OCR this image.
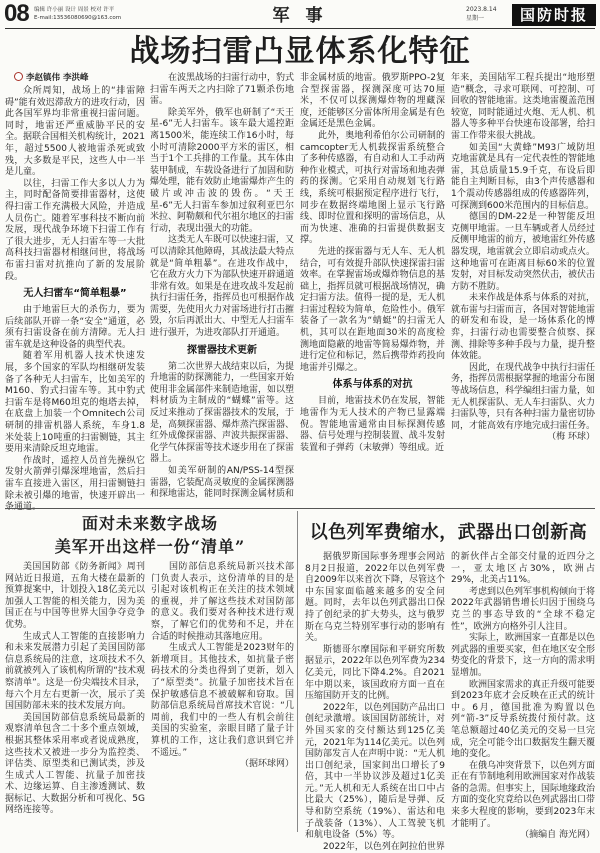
08 编辑 许小丽 设计 周景 校对 许平
E-mail:13536080690@163.com	军 事	2023.8.14
星期一	国防时报
战场扫雷凸显体系化特征
李赵镇伟 李洪峰

众所周知，战场上的“排雷障碍”能有效迟滞敌方的进攻行动，因此各国军界均非常重视扫雷问题。同时，地雷还严重威胁平民的安全。据联合国相关机构统计，2021年，超过5500人被地雷杀死或致残，大多数是平民，这些人中一半是儿童。

以往，扫雷工作大多以人力为主，同时配备简要排雷器材，这使得扫雷工作充满极大风险，并造成人员伤亡。随着军事科技不断向前发展，现代战争环境下扫雷工作有了很大进步，无人扫雷车等一大批高科技扫雷器材相继问世，将战场布雷扫雷对抗推向了新的发展阶段。

无人扫雷车“简单粗暴”

由于地雷巨大的杀伤力，要为后续部队开辟一条“安全”通道，必须有扫雷设备在前方清障。无人扫雷车就是这种设备的典型代表。

随着军用机器人技术快速发展，多个国家的军队均相继研发装备了各种无人扫雷车，比如美军的M160、豹式扫雷车等。其中豹式扫雷车是将M60坦克的炮塔去掉，在底盘上加装一个Omnitech公司研制的排雷机器人系统，车身1.8米处装上10吨重的扫雷铡链，其主要用来清除反坦克地雷。

作战时，遥控人员首先操纵它发射火箭弹引爆深埋地雷，然后扫雷车直接进入雷区，用扫雷铡链扫除未被引爆的地雷，快速开辟出一条通道。

在波黑战场的扫雷行动中，豹式扫雷车两天之内扫除了71颗杀伤地雷。

除美军外，俄军也研制了“天王星-6”无人扫雷车。该车最大遥控距离1500米，能连续工作16小时，每小时可清除2000平方米的雷区，相当于1个工兵排的工作量。其车体由装甲制成，车载设备进行了加固和防爆处理，能有效防止地雷爆炸产生的破片或冲击波的毁伤。“天王星-6”无人扫雷车参加过叙利亚巴尔米拉、阿勒颇和代尔祖尔地区的扫雷行动，表现出强大的功能。

这类无人车既可以快速扫雷，又可以清除其他障碍，其战法最大特点就是“简单粗暴”。在进攻作战中，它在敌方火力下为部队快速开辟通道非常有效。如果是在进攻战斗发起前执行扫雷任务，指挥员也可根据作战需要，先使用火力对雷场进行打击摧毁，尔后再派出大、中型无人扫雷车进行强开，为进攻部队打开通道。

探雷器技术更新

第二次世界大战结束以后，为提升地雷的防探测能力，一些国家开始使用非金属部件来制造地雷，如以塑料材质为主制成的“蝴蝶”雷等。这反过来推动了探雷器技术的发展，于是，高频探雷器、爆炸蒸汽探雷器、红外成像探雷器、声波共振探雷器、化学气体探雷等技术逐步用在了探雷器上。

如美军研制的AN/PSS-14型探雷器，它装配高灵敏度的金属探测器和探地雷达，能同时探测金属材质和

非金属材质的地雷。俄罗斯PPO-2复合型探雷器，探测深度可达70厘米，不仅可以探测爆炸物的埋藏深度，还能够区分雷体所用金属是有色金属还是黑色金属。

此外，奥地利希伯尔公司研制的camcopter无人机载探雷系统整合了多种传感器，有自动和人工手动两种作业模式，可执行对雷场和地表弹药的探测。它采用自动规划飞行路线，系统可根据预定程序进行飞行，同步在数据终端地图上显示飞行路线、即时位置和探明的雷场信息，从而为快速、准确的扫雷提供数据支撑。

先进的探雷器与无人车、无人机结合，可有效提升部队快速探雷扫雷效率。在掌握雷场或爆炸物信息的基础上，指挥员就可根据战场情况，确定扫雷方法。值得一提的是，无人机扫雷过程较为简单，危险性小。俄军装备了一款名为“蜻蜓”的扫雷无人机，其可以在距地面30米的高度检测地面隐蔽的地雷等简易爆炸物，并进行定位和标记，然后携带炸药投向地雷并引爆之。

体系与体系的对抗

目前，地雷技术仍在发展，智能地雷作为无人技术的产物已显露端倪。智能地雷通常由目标探测传感器、信号处理与控制装置、战斗发射装置和子弹药（末敏弹）等组成。近

年来，美国陆军工程兵提出“地形塑造”概念，寻求可联网、可控制、可回收的智能地雷。这类地雷覆盖范围较宽，同时能通过火炮、无人机、机器人等多种平台快速布设部署，给扫雷工作带来很大挑战。

如美国“大黄蜂”M93广域防坦克地雷就是具有一定代表性的智能地雷，其总质量15.9千克，布设后即能自主判断目标，由3个声传感器和1个震动传感器组成的传感器阵列，可探测到600米范围内的目标信息。

德国的DM-22是一种智能反坦克侧甲地雷。一旦车辆或者人员经过反侧甲地雷的前方，被地雷红外传感器发现，地雷就会立即启动或点火。这种地雷可在距离目标60米的位置发射，对目标发动突然伏击，被伏击方防不胜防。

未来作战是体系与体系的对抗，就布雷与扫雷而言，各国对智能地雷的研发和布设，是一场体系化的博弈，扫雷行动也需要整合侦察、探测、排除等多种手段与力量，提升整体效能。

因此，在现代战争中执行扫雷任务，指挥员需根据掌握的地雷分布图等战场信息，科学编组扫雷力量，如无人机探雷队、无人车扫雷队、火力扫雷队等，只有各种扫雷力量密切协同，才能高效有序地完成扫雷任务。

（梅 环球）

面对未来数字战场
美军开出这样一份“清单”

美国国防部《防务新闻》周刊网站近日报道，五角大楼在最新的预算提案中，计划投入18亿美元以加强人工智能的相关能力，因为美国正在与中国等世界大国争夺竞争优势。

生成式人工智能的直接影响力和未来发展潜力引起了美国国防部信息系统局的注意，这项技术不久前就被列入了该机构所谓的“技术观察清单”。这是一份尖端技术目录，每六个月左右更新一次，展示了美国国防部未来的技术发展方向。

美国国防部信息系统局最新的观察清单包含二十多个重点领域，根据其整体采用率或者说成熟度，这些技术又被进一步分为监控类、评估类、原型类和已测试类，涉及生成式人工智能、抗量子加密技术、边缘运算、自主渗透测试、数据标记、大数据分析和可视化、5G网络连接等。

国防部信息系统局新兴技术部门负责人表示，这份清单的目的是引起对该机构正在关注的技术领域的重视，并了解这些技术对国防部的意义。我们要对各种技术进行观察，了解它们的优势和不足，并在合适的时候推动其落地应用。

生成式人工智能是2023财年的新增项目。其他技术，如抗量子密码技术的分类也得到了更新，划入了“原型类”。抗量子加密技术旨在保护敏感信息不被破解和窃取。国防部信息系统局首席技术官说：“几周前，我们中的一些人有机会前往美国的实验室，亲眼目睹了量子计算机的工作，这让我们意识到它并不遥远。”

（据环球网）

以色列军费缩水，武器出口创新高

据俄罗斯国际事务理事会网站8月2日报道，2022年以色列军费自2009年以来首次下降，尽管这个中东国家面临越来越多的安全问题。同时，去年以色列武器出口保持了创纪录的扩大势头，这与俄罗斯在乌克兰特别军事行动的影响有关。

斯德哥尔摩国际和平研究所数据显示，2022年以色列军费为234亿美元，同比下降4.2%。自2021年中期以来，该国政府方面一直在压缩国防开支的比例。

2022年，以色列国防产品出口创纪录激增。该国国防部统计，对外国买家的交付额达到125亿美元，2021年为114亿美元。以色列国防部发言人在声明中说：“无人机出口创纪录，国家间出口增长了9倍，其中一半协议涉及超过1亿美元。”无人机和无人系统在出口中占比最大（25%），随后是导弹、反导和防空系统（19%）、雷达和电子战装备（13%）、人工驾驶飞机和航电设备（5%）等。

2022年，以色列在阿拉伯世界

的新伙伴占全部交付量的近四分之一，亚太地区占30%，欧洲占29%，北美占11%。

考虑到以色列军事机构倾向于将2022年武器销售增长归因于围绕乌克兰的事态导致的“全球不稳定性”，欧洲方向格外引人注目。

实际上，欧洲国家一直都是以色列武器的重要买家，但在地区安全形势变化的背景下，这一方向的需求明显增加。

欧洲国家需求的真正升级可能要到2023年底才会反映在正式的统计中。6月，德国批准为购置以色列“箭-3”反导系统拨付预付款。这笔总额超过40亿美元的交易一旦完成，完全可能令出口数据发生翻天覆地的变化。

在俄乌冲突背景下，以色列方面正在有节制地利用欧洲国家对作战装备的急需。但事实上，国际地缘政治方面的变化究竟给以色列武器出口带来多大程度的影响，要到2023年末才能明了。

（摘编自 海光网）
